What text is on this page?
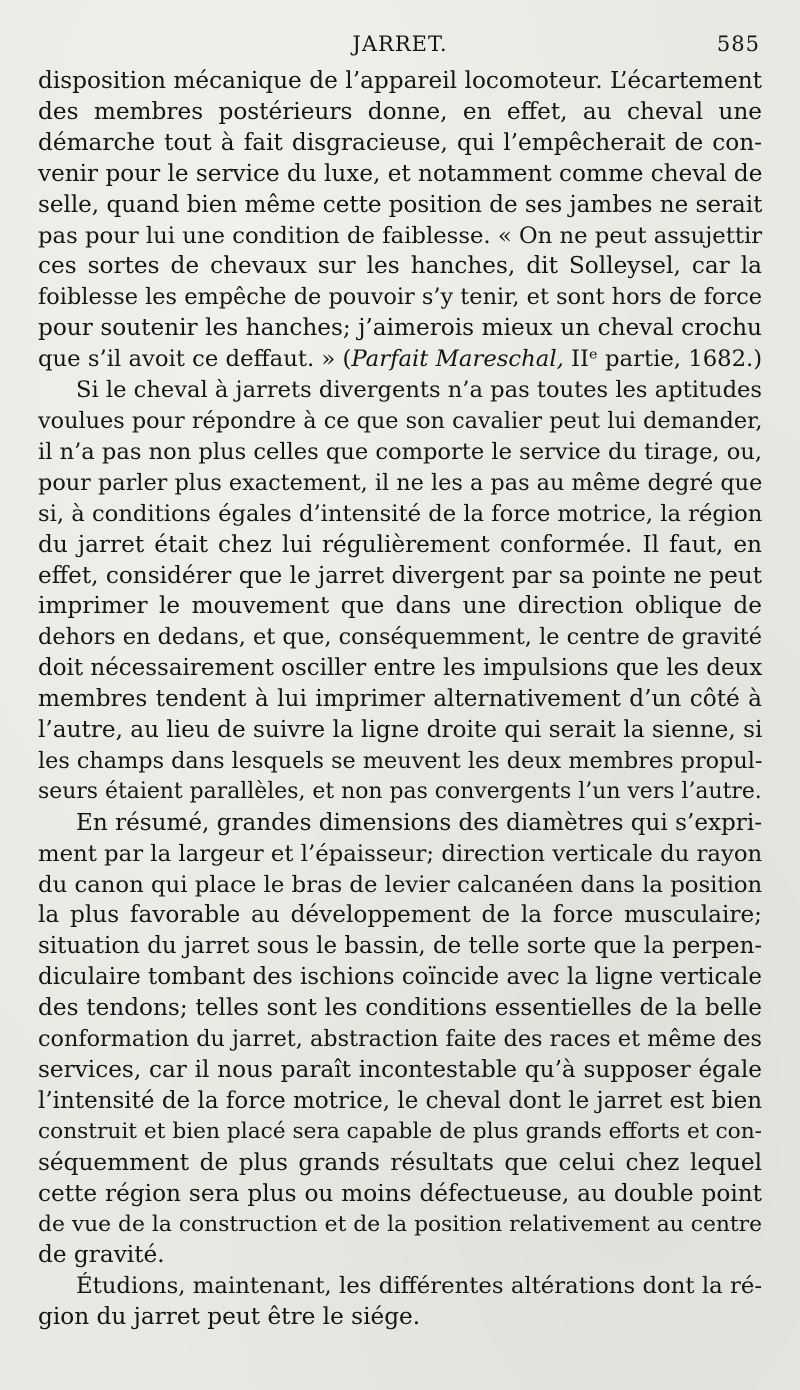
JARRET.	585

disposition mécanique de l’appareil locomoteur. L’écartement
des membres postérieurs donne, en effet, au cheval une
démarche tout à fait disgracieuse, qui l’empêcherait de con-
venir pour le service du luxe, et notamment comme cheval de
selle, quand bien même cette position de ses jambes ne serait
pas pour lui une condition de faiblesse. « On ne peut assujettir
ces sortes de chevaux sur les hanches, dit Solleysel, car la
foiblesse les empêche de pouvoir s’y tenir, et sont hors de force
pour soutenir les hanches; j’aimerois mieux un cheval crochu
que s’il avoit ce deffaut. » (Parfait Mareschal, IIᵉ partie, 1682.)

Si le cheval à jarrets divergents n’a pas toutes les aptitudes
voulues pour répondre à ce que son cavalier peut lui demander,
il n’a pas non plus celles que comporte le service du tirage, ou,
pour parler plus exactement, il ne les a pas au même degré que
si, à conditions égales d’intensité de la force motrice, la région
du jarret était chez lui régulièrement conformée. Il faut, en
effet, considérer que le jarret divergent par sa pointe ne peut
imprimer le mouvement que dans une direction oblique de
dehors en dedans, et que, conséquemment, le centre de gravité
doit nécessairement osciller entre les impulsions que les deux
membres tendent à lui imprimer alternativement d’un côté à
l’autre, au lieu de suivre la ligne droite qui serait la sienne, si
les champs dans lesquels se meuvent les deux membres propul-
seurs étaient parallèles, et non pas convergents l’un vers l’autre.

En résumé, grandes dimensions des diamètres qui s’expri-
ment par la largeur et l’épaisseur; direction verticale du rayon
du canon qui place le bras de levier calcanéen dans la position
la plus favorable au développement de la force musculaire;
situation du jarret sous le bassin, de telle sorte que la perpen-
diculaire tombant des ischions coïncide avec la ligne verticale
des tendons; telles sont les conditions essentielles de la belle
conformation du jarret, abstraction faite des races et même des
services, car il nous paraît incontestable qu’à supposer égale
l’intensité de la force motrice, le cheval dont le jarret est bien
construit et bien placé sera capable de plus grands efforts et con-
séquemment de plus grands résultats que celui chez lequel
cette région sera plus ou moins défectueuse, au double point
de vue de la construction et de la position relativement au centre
de gravité.

Étudions, maintenant, les différentes altérations dont la ré-
gion du jarret peut être le siége.
